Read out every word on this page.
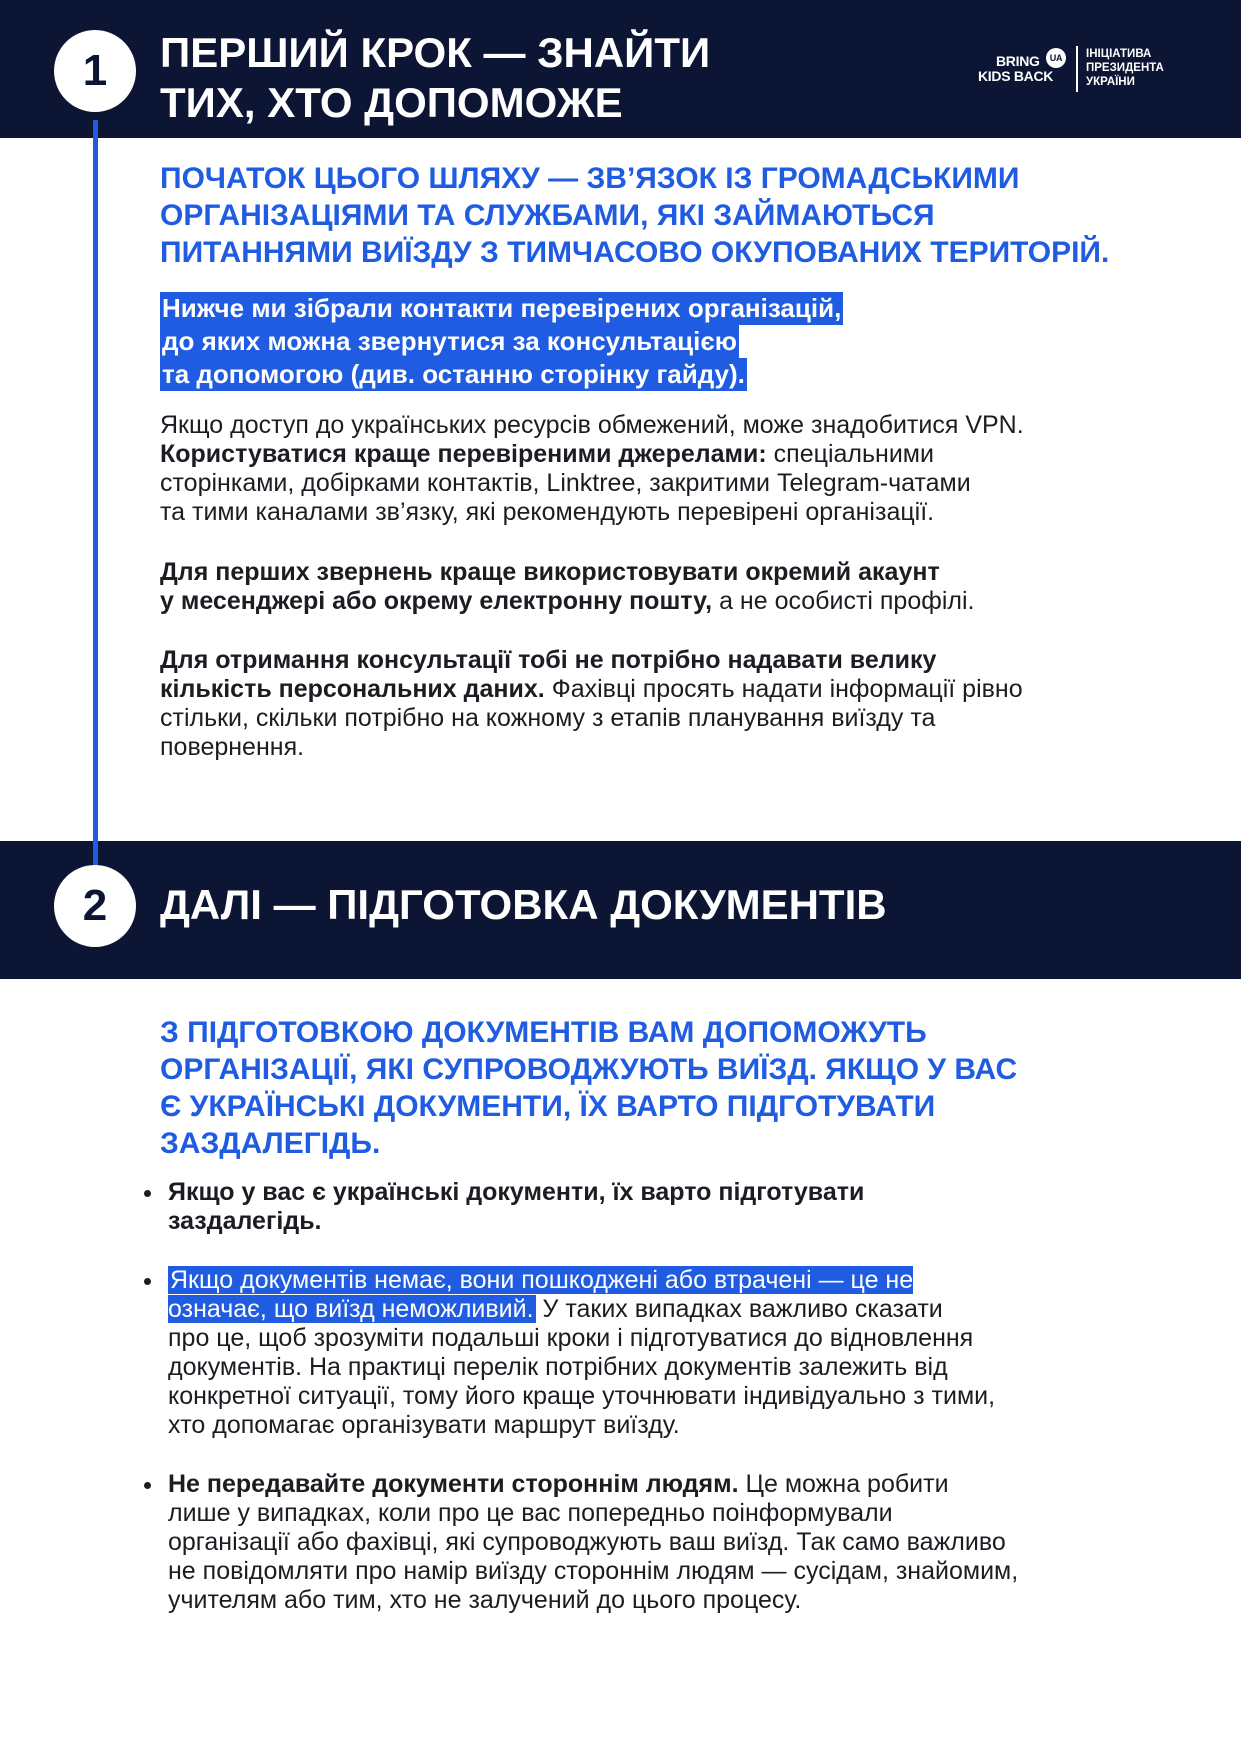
1	ПЕРШИЙ КРОК — ЗНАЙТИ
ТИХ, ХТО ДОПОМОЖЕ
BRING
KIDS BACK
UA	ІНІЦІАТИВА
ПРЕЗИДЕНТА
УКРАЇНИ

ПОЧАТОК ЦЬОГО ШЛЯХУ — ЗВ’ЯЗОК ІЗ ГРОМАДСЬКИМИ
ОРГАНІЗАЦІЯМИ ТА СЛУЖБАМИ, ЯКІ ЗАЙМАЮТЬСЯ
ПИТАННЯМИ ВИЇЗДУ З ТИМЧАСОВО ОКУПОВАНИХ ТЕРИТОРІЙ.

Нижче ми зібрали контакти перевірених організацій,
до яких можна звернутися за консультацією
та допомогою (див. останню сторінку гайду).

Якщо доступ до українських ресурсів обмежений, може знадобитися VPN.
Користуватися краще перевіреними джерелами: спеціальними
сторінками, добірками контактів, Linktree, закритими Telegram-чатами
та тими каналами зв’язку, які рекомендують перевірені організації.

Для перших звернень краще використовувати окремий акаунт
у месенджері або окрему електронну пошту, а не особисті профілі.

Для отримання консультації тобі не потрібно надавати велику
кількість персональних даних. Фахівці просять надати інформації рівно
стільки, скільки потрібно на кожному з етапів планування виїзду та
повернення.

2	ДАЛІ — ПІДГОТОВКА ДОКУМЕНТІВ

З ПІДГОТОВКОЮ ДОКУМЕНТІВ ВАМ ДОПОМОЖУТЬ
ОРГАНІЗАЦІЇ, ЯКІ СУПРОВОДЖУЮТЬ ВИЇЗД. ЯКЩО У ВАС
Є УКРАЇНСЬКІ ДОКУМЕНТИ, ЇХ ВАРТО ПІДГОТУВАТИ
ЗАЗДАЛЕГІДЬ.

Якщо у вас є українські документи, їх варто підготувати
заздалегідь.
Якщо документів немає, вони пошкоджені або втрачені — це не
означає, що виїзд неможливий. У таких випадках важливо сказати
про це, щоб зрозуміти подальші кроки і підготуватися до відновлення
документів. На практиці перелік потрібних документів залежить від
конкретної ситуації, тому його краще уточнювати індивідуально з тими,
хто допомагає організувати маршрут виїзду.
Не передавайте документи стороннім людям. Це можна робити
лише у випадках, коли про це вас попередньо поінформували
організації або фахівці, які супроводжують ваш виїзд. Так само важливо
не повідомляти про намір виїзду стороннім людям — сусідам, знайомим,
учителям або тим, хто не залучений до цього процесу.
